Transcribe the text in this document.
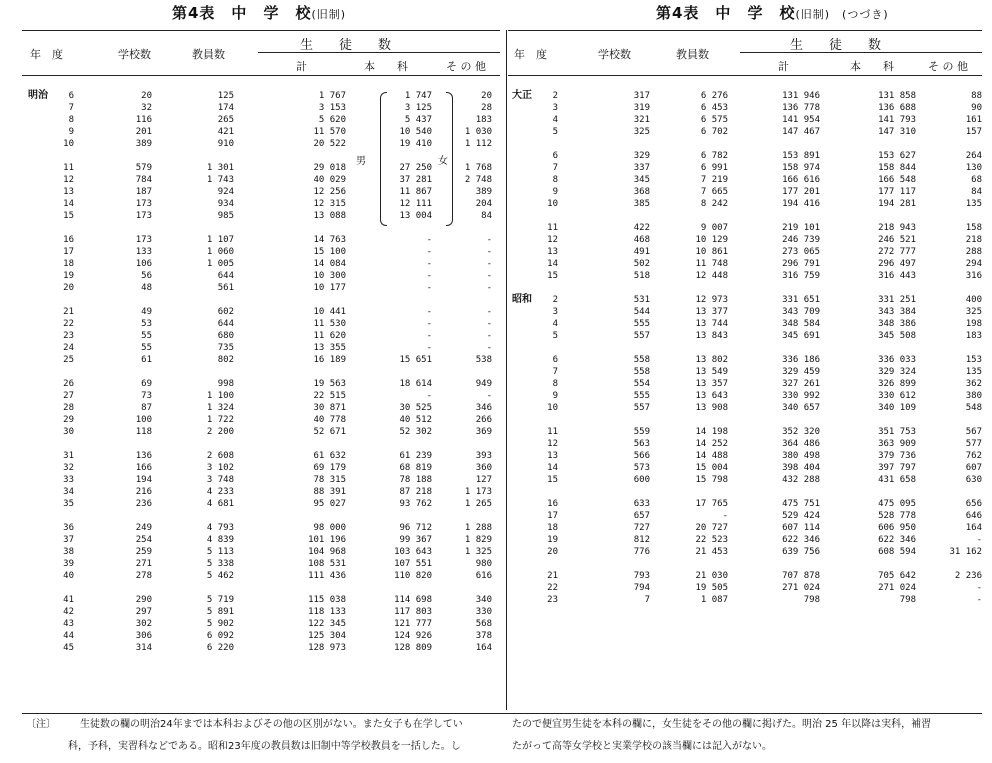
第4表　中　学　校(旧制)
年　度	学校数	教員数
生　　徒　　数
計	本　　科	そ の 他
明治	6	20	125	1 767	1 747	20
	7	32	174	3 153	3 125	28
	8	116	265	5 620	5 437	183
	9	201	421	11 570	10 540	1 030
	10	389	910	20 522	19 410	1 112

	11	579	1 301	29 018	27 250	1 768
	12	784	1 743	40 029	37 281	2 748
	13	187	924	12 256	11 867	389
	14	173	934	12 315	12 111	204
	15	173	985	13 088	13 004	84

	16	173	1 107	14 763	-	-
	17	133	1 060	15 100	-	-
	18	106	1 005	14 084	-	-
	19	56	644	10 300	-	-
	20	48	561	10 177	-	-

	21	49	602	10 441	-	-
	22	53	644	11 530	-	-
	23	55	680	11 620	-	-
	24	55	735	13 355	-	-
	25	61	802	16 189	15 651	538

	26	69	998	19 563	18 614	949
	27	73	1 100	22 515	-	-
	28	87	1 324	30 871	30 525	346
	29	100	1 722	40 778	40 512	266
	30	118	2 200	52 671	52 302	369

	31	136	2 608	61 632	61 239	393
	32	166	3 102	69 179	68 819	360
	33	194	3 748	78 315	78 188	127
	34	216	4 233	88 391	87 218	1 173
	35	236	4 681	95 027	93 762	1 265

	36	249	4 793	98 000	96 712	1 288
	37	254	4 839	101 196	99 367	1 829
	38	259	5 113	104 968	103 643	1 325
	39	271	5 338	108 531	107 551	980
	40	278	5 462	111 436	110 820	616

	41	290	5 719	115 038	114 698	340
	42	297	5 891	118 133	117 803	330
	43	302	5 902	122 345	121 777	568
	44	306	6 092	125 304	124 926	378
	45	314	6 220	128 973	128 809	164
男	女
第4表　中　学　校(旧制)　(つづき)
年　度	学校数	教員数
生　　徒　　数
計	本　　科	そ の 他
大正	2	317	6 276	131 946	131 858	88
	3	319	6 453	136 778	136 688	90
	4	321	6 575	141 954	141 793	161
	5	325	6 702	147 467	147 310	157

	6	329	6 782	153 891	153 627	264
	7	337	6 991	158 974	158 844	130
	8	345	7 219	166 616	166 548	68
	9	368	7 665	177 201	177 117	84
	10	385	8 242	194 416	194 281	135

	11	422	9 007	219 101	218 943	158
	12	468	10 129	246 739	246 521	218
	13	491	10 861	273 065	272 777	288
	14	502	11 748	296 791	296 497	294
	15	518	12 448	316 759	316 443	316

昭和	2	531	12 973	331 651	331 251	400
	3	544	13 377	343 709	343 384	325
	4	555	13 744	348 584	348 386	198
	5	557	13 843	345 691	345 508	183

	6	558	13 802	336 186	336 033	153
	7	558	13 549	329 459	329 324	135
	8	554	13 357	327 261	326 899	362
	9	555	13 643	330 992	330 612	380
	10	557	13 908	340 657	340 109	548

	11	559	14 198	352 320	351 753	567
	12	563	14 252	364 486	363 909	577
	13	566	14 488	380 498	379 736	762
	14	573	15 004	398 404	397 797	607
	15	600	15 798	432 288	431 658	630

	16	633	17 765	475 751	475 095	656
	17	657	-	529 424	528 778	646
	18	727	20 727	607 114	606 950	164
	19	812	22 523	622 346	622 346	-
	20	776	21 453	639 756	608 594	31 162

	21	793	21 030	707 878	705 642	2 236
	22	794	19 505	271 024	271 024	-
	23	7	1 087	798	798	-
〔注〕 生徒数の欄の明治24年までは本科およびその他の区別がない。また女子も在学してい
科，予科，実習科などである。昭和23年度の教員数は旧制中等学校教員を一括した。し
たので便宜男生徒を本科の欄に，女生徒をその他の欄に掲げた。明治 25 年以降は実科，補習
たがって高等女学校と実業学校の該当欄には記入がない。
